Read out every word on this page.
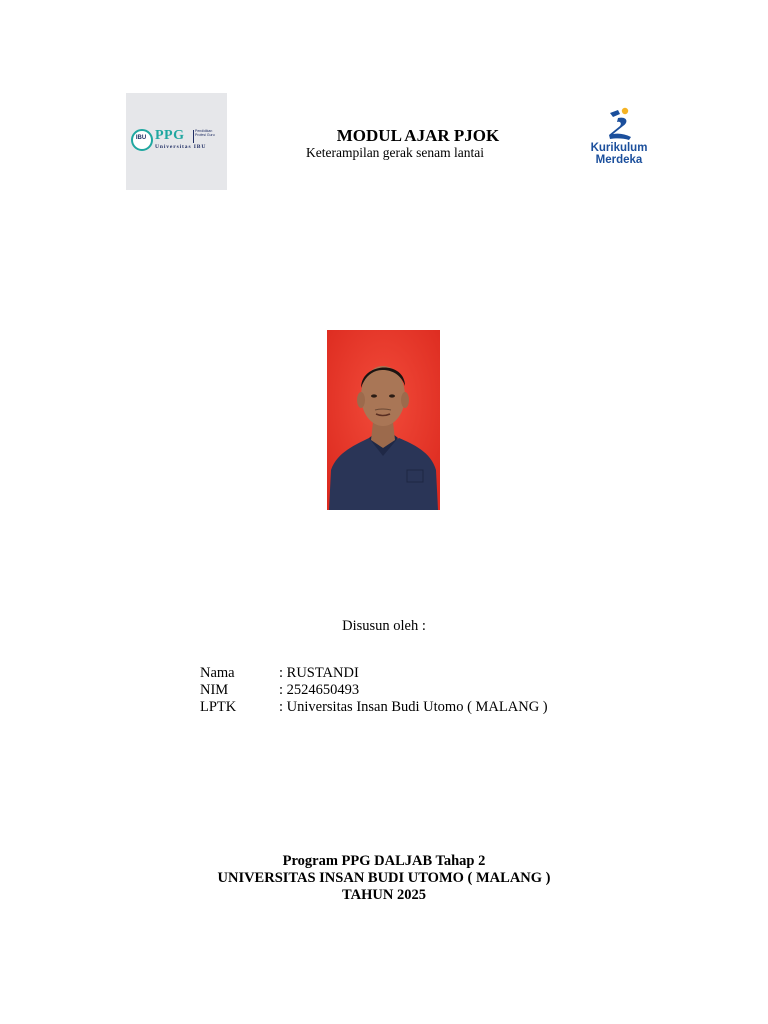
IBU PPG	Pendidikan Profesi Guru
Universitas IBU
MODUL AJAR PJOK
Keterampilan gerak senam lantai	Kurikulum
Merdeka
Disusun oleh :
Nama	: RUSTANDI
NIM	: 2524650493
LPTK	: Universitas Insan Budi Utomo ( MALANG )
Program PPG DALJAB Tahap 2
UNIVERSITAS INSAN BUDI UTOMO ( MALANG )
TAHUN 2025
